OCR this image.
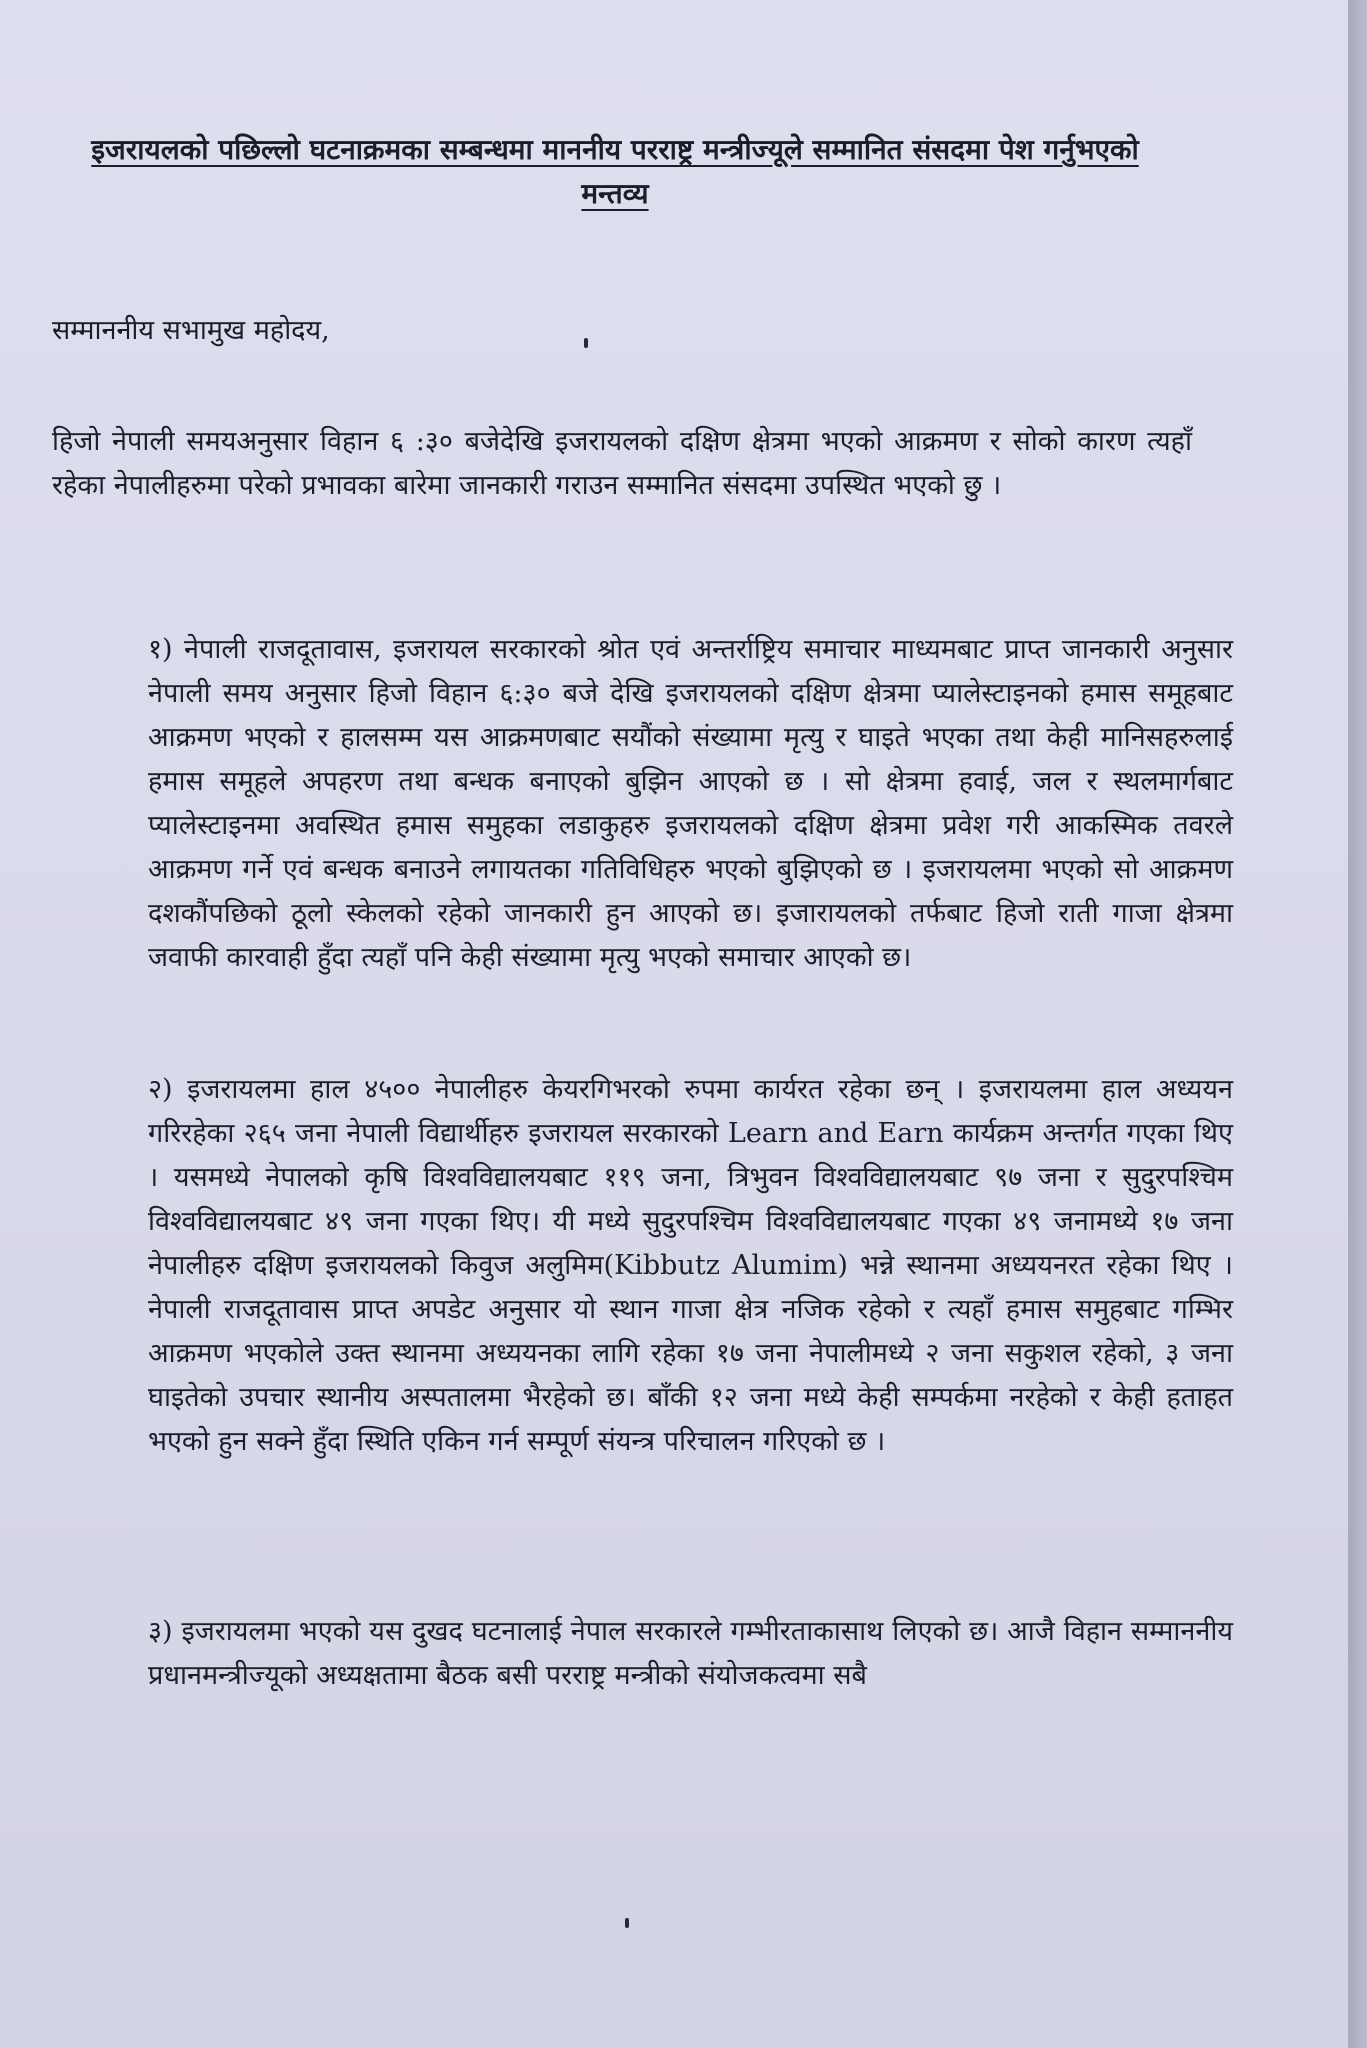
इजरायलको पछिल्लो घटनाक्रमका सम्बन्धमा माननीय परराष्ट्र मन्त्रीज्यूले सम्मानित संसदमा पेश गर्नुभएको मन्तव्य

सम्माननीय सभामुख महोदय,

हिजो नेपाली समयअनुसार विहान ६ :३० बजेदेखि इजरायलको दक्षिण क्षेत्रमा भएको आक्रमण र सोको कारण त्यहाँ रहेका नेपालीहरुमा परेको प्रभावका बारेमा जानकारी गराउन सम्मानित संसदमा उपस्थित भएको छु ।

१) नेपाली राजदूतावास, इजरायल सरकारको श्रोत एवं अन्तर्राष्ट्रिय समाचार माध्यमबाट प्राप्त जानकारी अनुसार नेपाली समय अनुसार हिजो विहान ६:३० बजे देखि इजरायलको दक्षिण क्षेत्रमा प्यालेस्टाइनको हमास समूहबाट आक्रमण भएको र हालसम्म यस आक्रमणबाट सयौंको संख्यामा मृत्यु र घाइते भएका तथा केही मानिसहरुलाई हमास समूहले अपहरण तथा बन्धक बनाएको बुझिन आएको छ । सो क्षेत्रमा हवाई, जल र स्थलमार्गबाट प्यालेस्टाइनमा अवस्थित हमास समुहका लडाकुहरु इजरायलको दक्षिण क्षेत्रमा प्रवेश गरी आकस्मिक तवरले आक्रमण गर्ने एवं बन्धक बनाउने लगायतका गतिविधिहरु भएको बुझिएको छ । इजरायलमा भएको सो आक्रमण दशकौंपछिको ठूलो स्केलको रहेको जानकारी हुन आएको छ। इजारायलको तर्फबाट हिजो राती गाजा क्षेत्रमा जवाफी कारवाही हुँदा त्यहाँ पनि केही संख्यामा मृत्यु भएको समाचार आएको छ।

२) इजरायलमा हाल ४५०० नेपालीहरु केयरगिभरको रुपमा कार्यरत रहेका छन् । इजरायलमा हाल अध्ययन गरिरहेका २६५ जना नेपाली विद्यार्थीहरु इजरायल सरकारको Learn and Earn कार्यक्रम अन्तर्गत गएका थिए । यसमध्ये नेपालको कृषि विश्वविद्यालयबाट ११९ जना, त्रिभुवन विश्वविद्यालयबाट ९७ जना र सुदुरपश्चिम विश्वविद्यालयबाट ४९ जना गएका थिए। यी मध्ये सुदुरपश्चिम विश्वविद्यालयबाट गएका ४९ जनामध्ये १७ जना नेपालीहरु दक्षिण इजरायलको किवुज अलुमिम(Kibbutz Alumim) भन्ने स्थानमा अध्ययनरत रहेका थिए । नेपाली राजदूतावास प्राप्त अपडेट अनुसार यो स्थान गाजा क्षेत्र नजिक रहेको र त्यहाँ हमास समुहबाट गम्भिर आक्रमण भएकोले उक्त स्थानमा अध्ययनका लागि रहेका १७ जना नेपालीमध्ये २ जना सकुशल रहेको, ३ जना घाइतेको उपचार स्थानीय अस्पतालमा भैरहेको छ। बाँकी १२ जना मध्ये केही सम्पर्कमा नरहेको र केही हताहत भएको हुन सक्ने हुँदा स्थिति एकिन गर्न सम्पूर्ण संयन्त्र परिचालन गरिएको छ ।

३) इजरायलमा भएको यस दुखद घटनालाई नेपाल सरकारले गम्भीरताकासाथ लिएको छ। आजै विहान सम्माननीय प्रधानमन्त्रीज्यूको अध्यक्षतामा बैठक बसी परराष्ट्र मन्त्रीको संयोजकत्वमा सबै
